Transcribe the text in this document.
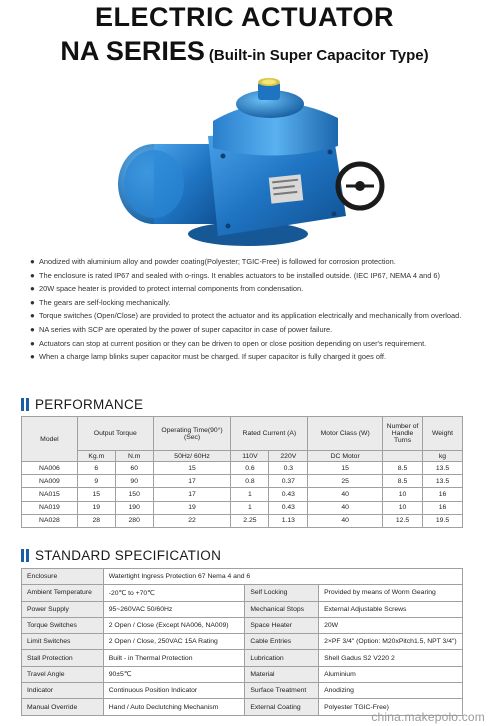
ELECTRIC ACTUATOR
NA SERIES (Built-in Super Capacitor Type)
● Anodized with aluminium alloy and powder coating(Polyester; TGIC-Free) is followed for corrosion protection.
● The enclosure is rated IP67 and sealed with o-rings. It enables actuators to be installed outside. (IEC IP67, NEMA 4 and 6)
● 20W space heater is provided to protect internal components from condensation.
● The gears are self-locking mechanically.
● Torque switches (Open/Close) are provided to protect the actuator and its application electrically and mechanically from overload.
● NA series with SCP are operated by the power of super capacitor in case of power failure.
● Actuators can stop at current position or they can be driven to open or close position depending on user's requirement.
● When a charge lamp blinks super capacitor must be charged. If super capacitor is fully charged it goes off.
PERFORMANCE
Model	Output Torque		Operating Time(90°) (Sec)	Rated Current (A)		Motor Class (W)	Number of Handle Turns	Weight
	Kg.m	N.m	50Hz/ 60Hz	110V	220V	DC Motor		kg
NA006	6	60	15	0.6	0.3	15	8.5	13.5
NA009	9	90	17	0.8	0.37	25	8.5	13.5
NA015	15	150	17	1	0.43	40	10	16
NA019	19	190	19	1	0.43	40	10	16
NA028	28	280	22	2.25	1.13	40	12.5	19.5
STANDARD SPECIFICATION
Enclosure	Watertight Ingress Protection 67 Nema 4 and 6		
Ambient Temperature	-20℃ to +70℃	Self Locking	Provided by means of Worm Gearing
Power Supply	95~260VAC 50/60Hz	Mechanical Stops	External Adjustable Screws
Torque Switches	2 Open / Close (Except NA006, NA009)	Space Heater	20W
Limit Switches	2 Open / Close, 250VAC 15A Rating	Cable Entries	2×PF 3/4" (Option: M20xPitch1.5, NPT 3/4")
Stall Protection	Built - in Thermal Protection	Lubrication	Shell Gadus S2 V220 2
Travel Angle	90±5℃	Material	Aluminium
Indicator	Continuous Position Indicator	Surface Treatment	Anodizing
Manual Override	Hand / Auto Declutching Mechanism	External Coating	Polyester TGIC-Free)
china.makepolo.com
